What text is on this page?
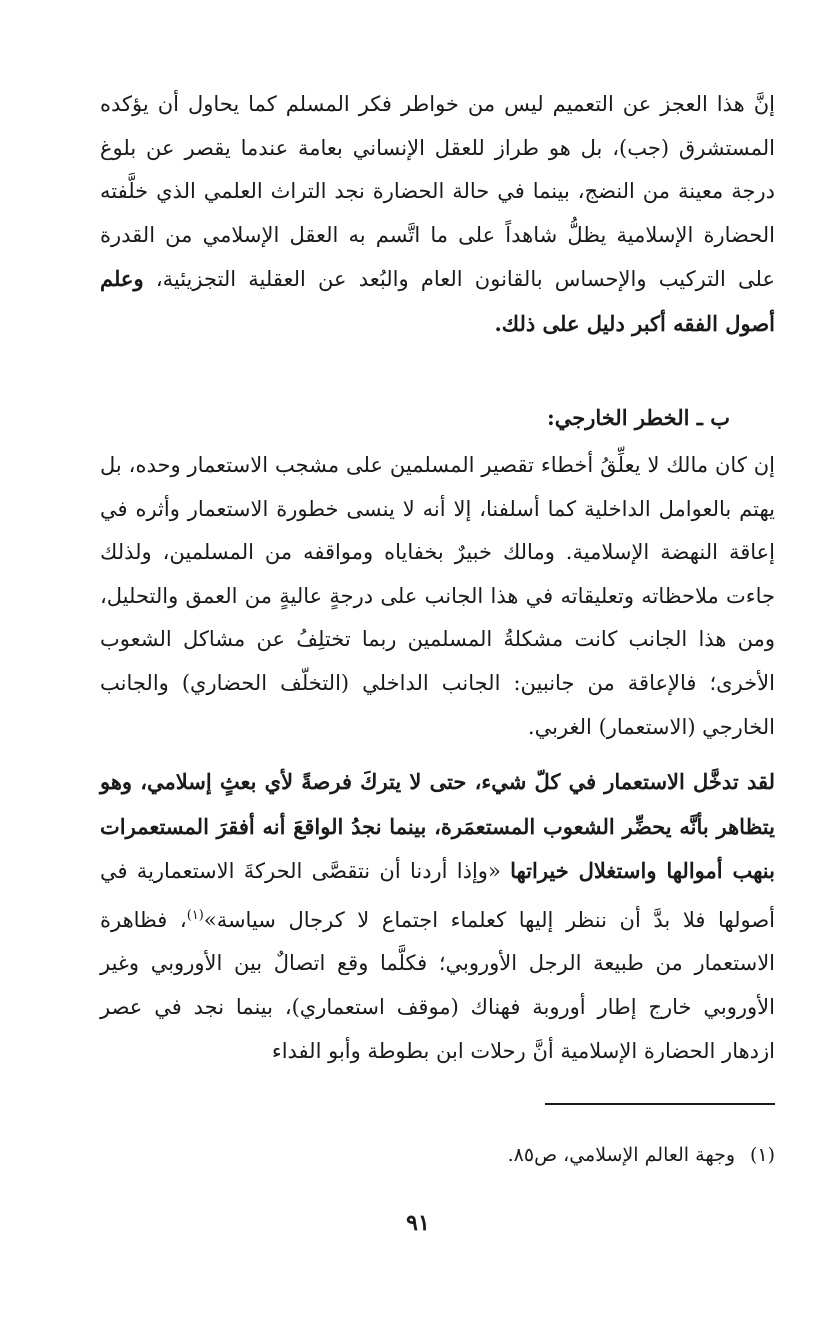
إنَّ هذا العجز عن التعميم ليس من خواطر فكر المسلم كما يحاول أن يؤكده المستشرق (جب)، بل هو طراز للعقل الإنساني بعامة عندما يقصر عن بلوغ درجة معينة من النضج، بينما في حالة الحضارة نجد التراث العلمي الذي خلَّفته الحضارة الإسلامية يظلُّ شاهداً على ما اتَّسم به العقل الإسلامي من القدرة على التركيب والإحساس بالقانون العام والبُعد عن العقلية التجزيئية، وعلم أصول الفقه أكبر دليل على ذلك.

ب ـ الخطر الخارجي:

إن كان مالك لا يعلِّقُ أخطاء تقصير المسلمين على مشجب الاستعمار وحده، بل يهتم بالعوامل الداخلية كما أسلفنا، إلا أنه لا ينسى خطورة الاستعمار وأثره في إعاقة النهضة الإسلامية. ومالك خبيرٌ بخفاياه ومواقفه من المسلمين، ولذلك جاءت ملاحظاته وتعليقاته في هذا الجانب على درجةٍ عاليةٍ من العمق والتحليل، ومن هذا الجانب كانت مشكلةُ المسلمين ربما تختلِفُ عن مشاكل الشعوب الأخرى؛ فالإعاقة من جانبين: الجانب الداخلي (التخلّف الحضاري) والجانب الخارجي (الاستعمار) الغربي.

لقد تدخَّل الاستعمار في كلّ شيء، حتى لا يتركَ فرصةً لأي بعثٍ إسلامي، وهو يتظاهر بأنَّه يحضِّر الشعوب المستعمَرة، بينما نجدُ الواقعَ أنه أفقرَ المستعمرات بنهب أموالها واستغلال خيراتها «وإذا أردنا أن نتقصَّى الحركةَ الاستعمارية في أصولها فلا بدَّ أن ننظر إليها كعلماء اجتماع لا كرجال سياسة»$^{(١)}$، فظاهرة الاستعمار من طبيعة الرجل الأوروبي؛ فكلَّما وقع اتصالٌ بين الأوروبي وغير الأوروبي خارج إطار أوروبة فهناك (موقف استعماري)، بينما نجد في عصر ازدهار الحضارة الإسلامية أنَّ رحلات ابن بطوطة وأبو الفداء

(١)وجهة العالم الإسلامي، ص٨٥.

٩١
